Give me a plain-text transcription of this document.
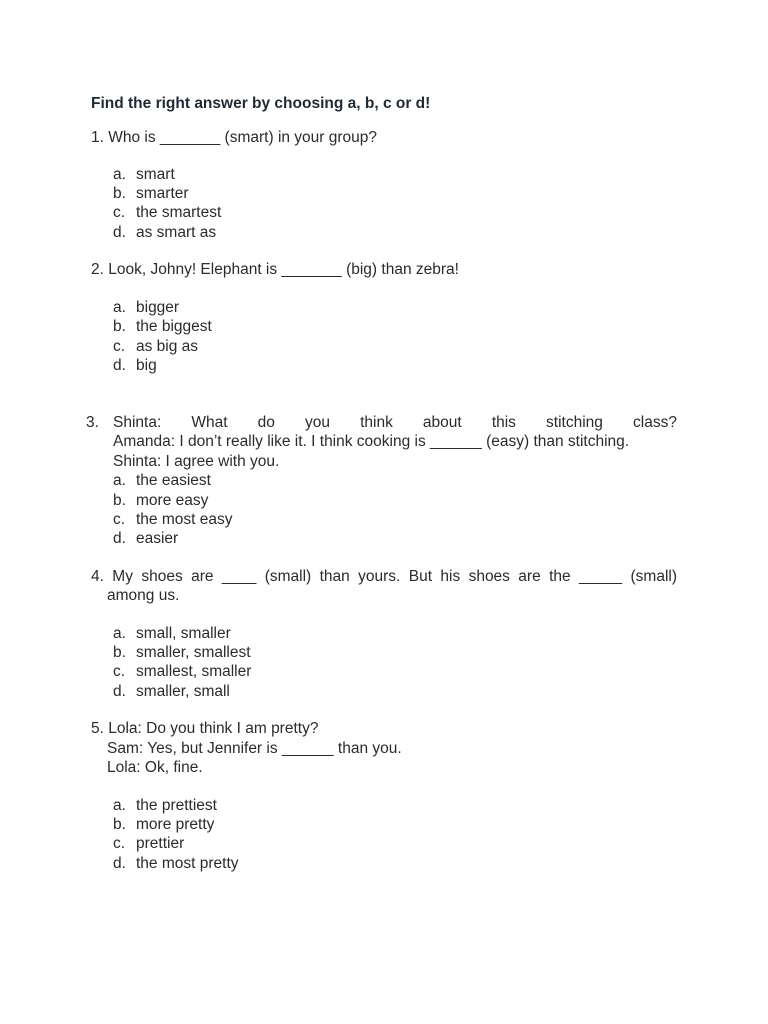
Find the right answer by choosing a, b, c or d!
1. Who is _______ (smart) in your group?
a. smart
b. smarter
c. the smartest
d. as smart as
2. Look, Johny! Elephant is _______ (big) than zebra!
a. bigger
b. the biggest
c. as big as
d. big
3. Shinta: What do you think about this stitching class?
Amanda: I don’t really like it. I think cooking is ______ (easy) than stitching.
Shinta: I agree with you.
a. the easiest
b. more easy
c. the most easy
d. easier
4. My shoes are ____ (small) than yours. But his shoes are the _____ (small)
among us.
a. small, smaller
b. smaller, smallest
c. smallest, smaller
d. smaller, small
5. Lola: Do you think I am pretty?
Sam: Yes, but Jennifer is ______ than you.
Lola: Ok, fine.
a. the prettiest
b. more pretty
c. prettier
d. the most pretty
